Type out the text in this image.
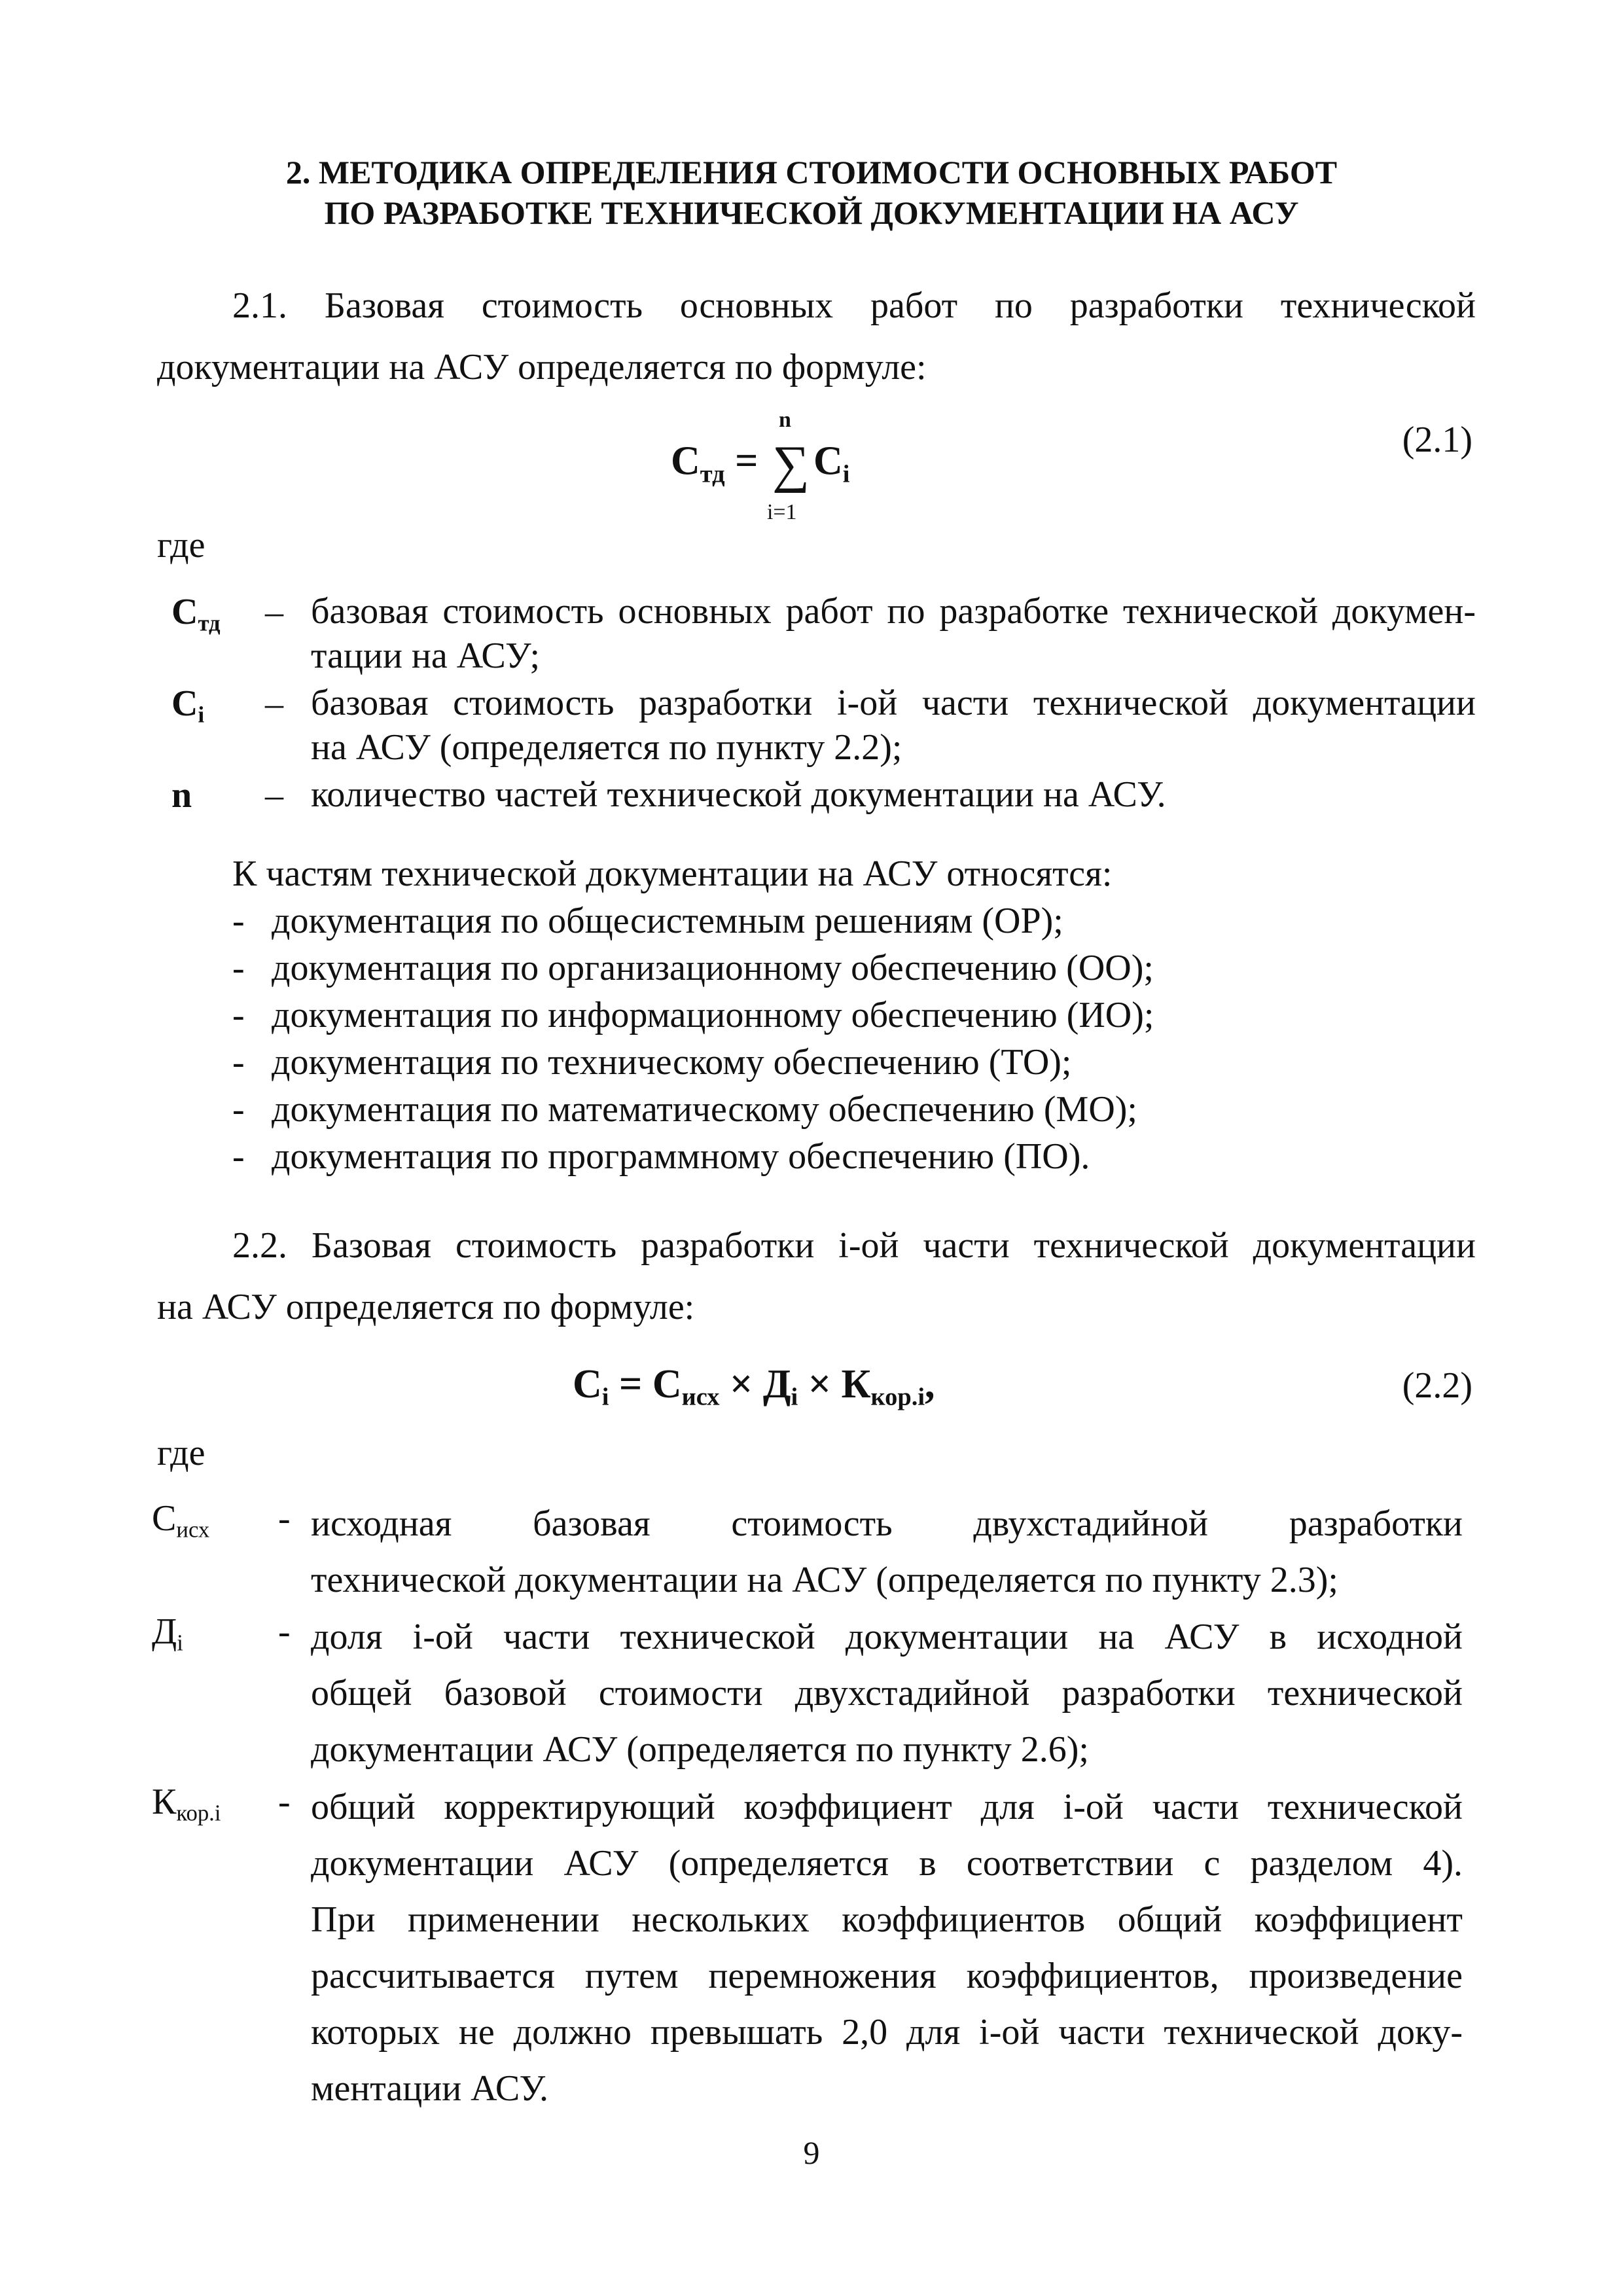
2. МЕТОДИКА ОПРЕДЕЛЕНИЯ СТОИМОСТИ ОСНОВНЫХ РАБОТ
ПО РАЗРАБОТКЕ ТЕХНИЧЕСКОЙ ДОКУМЕНТАЦИИ НА АСУ
2.1. Базовая стоимость основных работ по разработки технической
документации на АСУ определяется по формуле:
$С_{тд}$ =
n
∑
i=1
$С_i$
(2.1)
где
$С_{тд}$ – базовая стоимость основных работ по разработке технической докумен-
тации на АСУ;
$С_i$ – базовая стоимость разработки i-ой части технической документации
на АСУ (определяется по пункту 2.2);
n – количество частей технической документации на АСУ.
К частям технической документации на АСУ относятся:
- документация по общесистемным решениям (ОР);
- документация по организационному обеспечению (ОО);
- документация по информационному обеспечению (ИО);
- документация по техническому обеспечению (ТО);
- документация по математическому обеспечению (МО);
- документация по программному обеспечению (ПО).
2.2. Базовая стоимость разработки i-ой части технической документации
на АСУ определяется по формуле:
$С_i = С_{исх} \times Д_i \times К_{кор.i}$,	(2.2)
где
$С_{исх}$ - исходная базовая стоимость двухстадийной разработки
технической документации на АСУ (определяется по пункту 2.3);
$Д_i$	- доля i-ой части технической документации на АСУ в исходной
общей базовой стоимости двухстадийной разработки технической
документации АСУ (определяется по пункту 2.6);
$К_{кор.i}$ - общий корректирующий коэффициент для i-ой части технической
документации АСУ (определяется в соответствии с разделом 4).
При применении нескольких коэффициентов общий коэффициент
рассчитывается путем перемножения коэффициентов, произведение
которых не должно превышать 2,0 для i-ой части технической доку-
ментации АСУ.
9
